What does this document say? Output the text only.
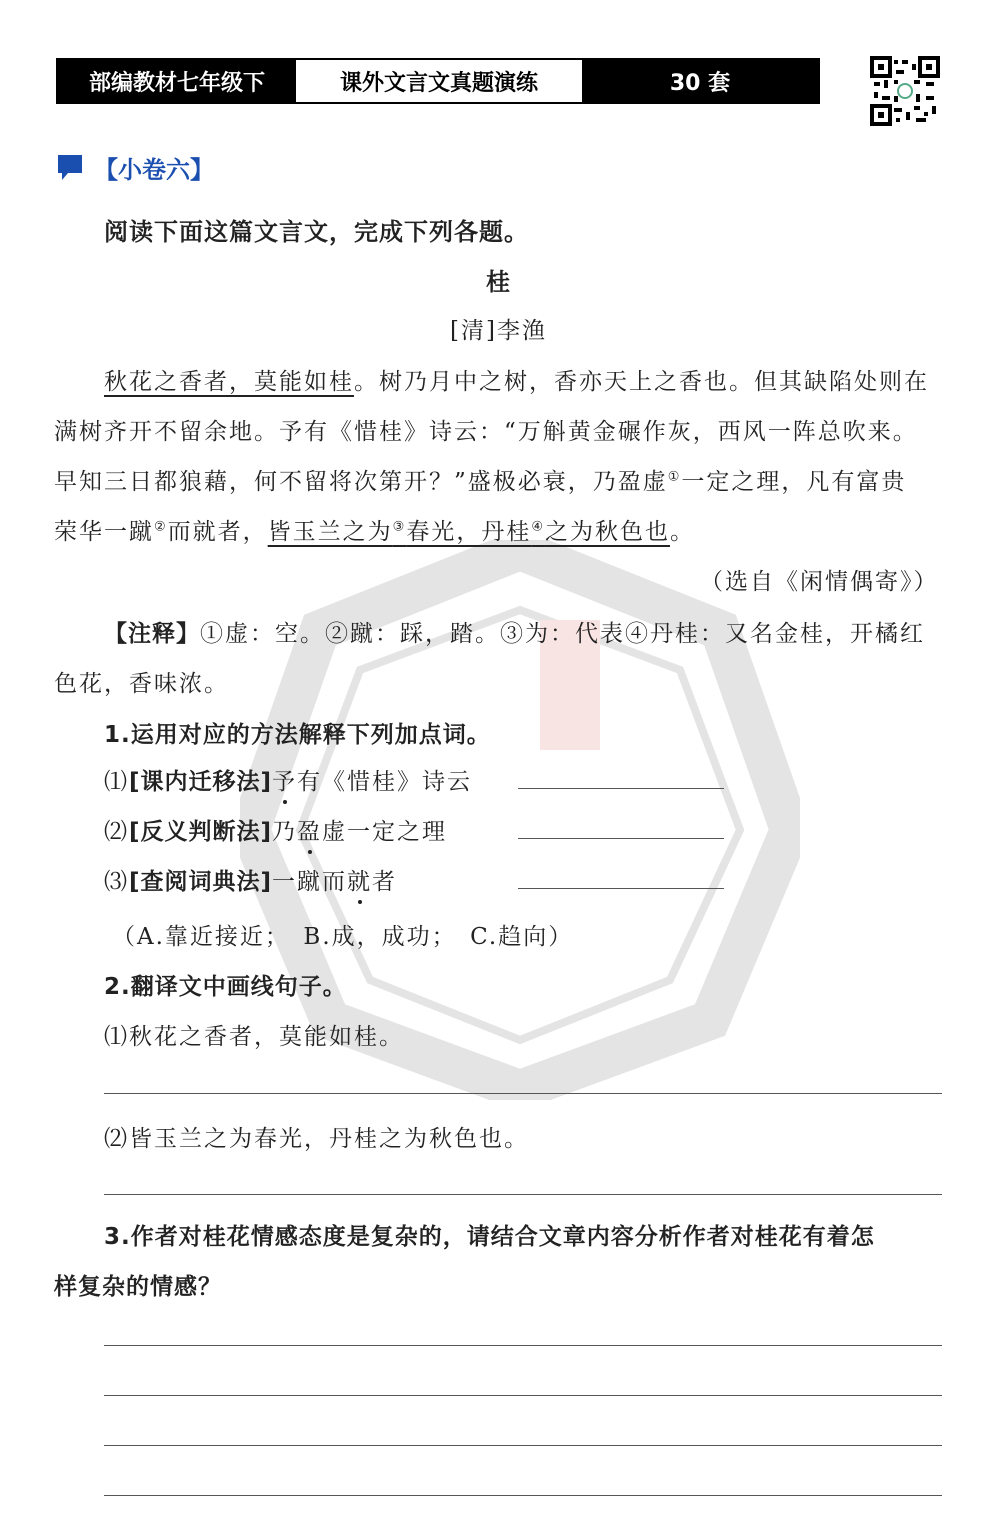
部编教材七年级下	课外文言文真题演练	30 套
【小卷六】
阅读下面这篇文言文，完成下列各题。
桂
[清]李渔
秋花之香者，莫能如桂。树乃月中之树，香亦天上之香也。但其缺陷处则在
满树齐开不留余地。予有《惜桂》诗云：“万斛黄金碾作灰，西风一阵总吹来。
早知三日都狼藉，何不留将次第开？”盛极必衰，乃盈虚①一定之理，凡有富贵
荣华一蹴②而就者，皆玉兰之为③春光，丹桂④之为秋色也。
（选自《闲情偶寄》）
【注释】①虚：空。②蹴：踩，踏。③为：代表④丹桂：又名金桂，开橘红
色花，香味浓。
1.运用对应的方法解释下列加点词。
⑴[课内迁移法]予有《惜桂》诗云
⑵[反义判断法]乃盈虚一定之理
⑶[查阅词典法]一蹴而就者
（A.靠近接近；　B.成，成功；　C.趋向）
2.翻译文中画线句子。
⑴秋花之香者，莫能如桂。
⑵皆玉兰之为春光，丹桂之为秋色也。
3.作者对桂花情感态度是复杂的，请结合文章内容分析作者对桂花有着怎
样复杂的情感？
